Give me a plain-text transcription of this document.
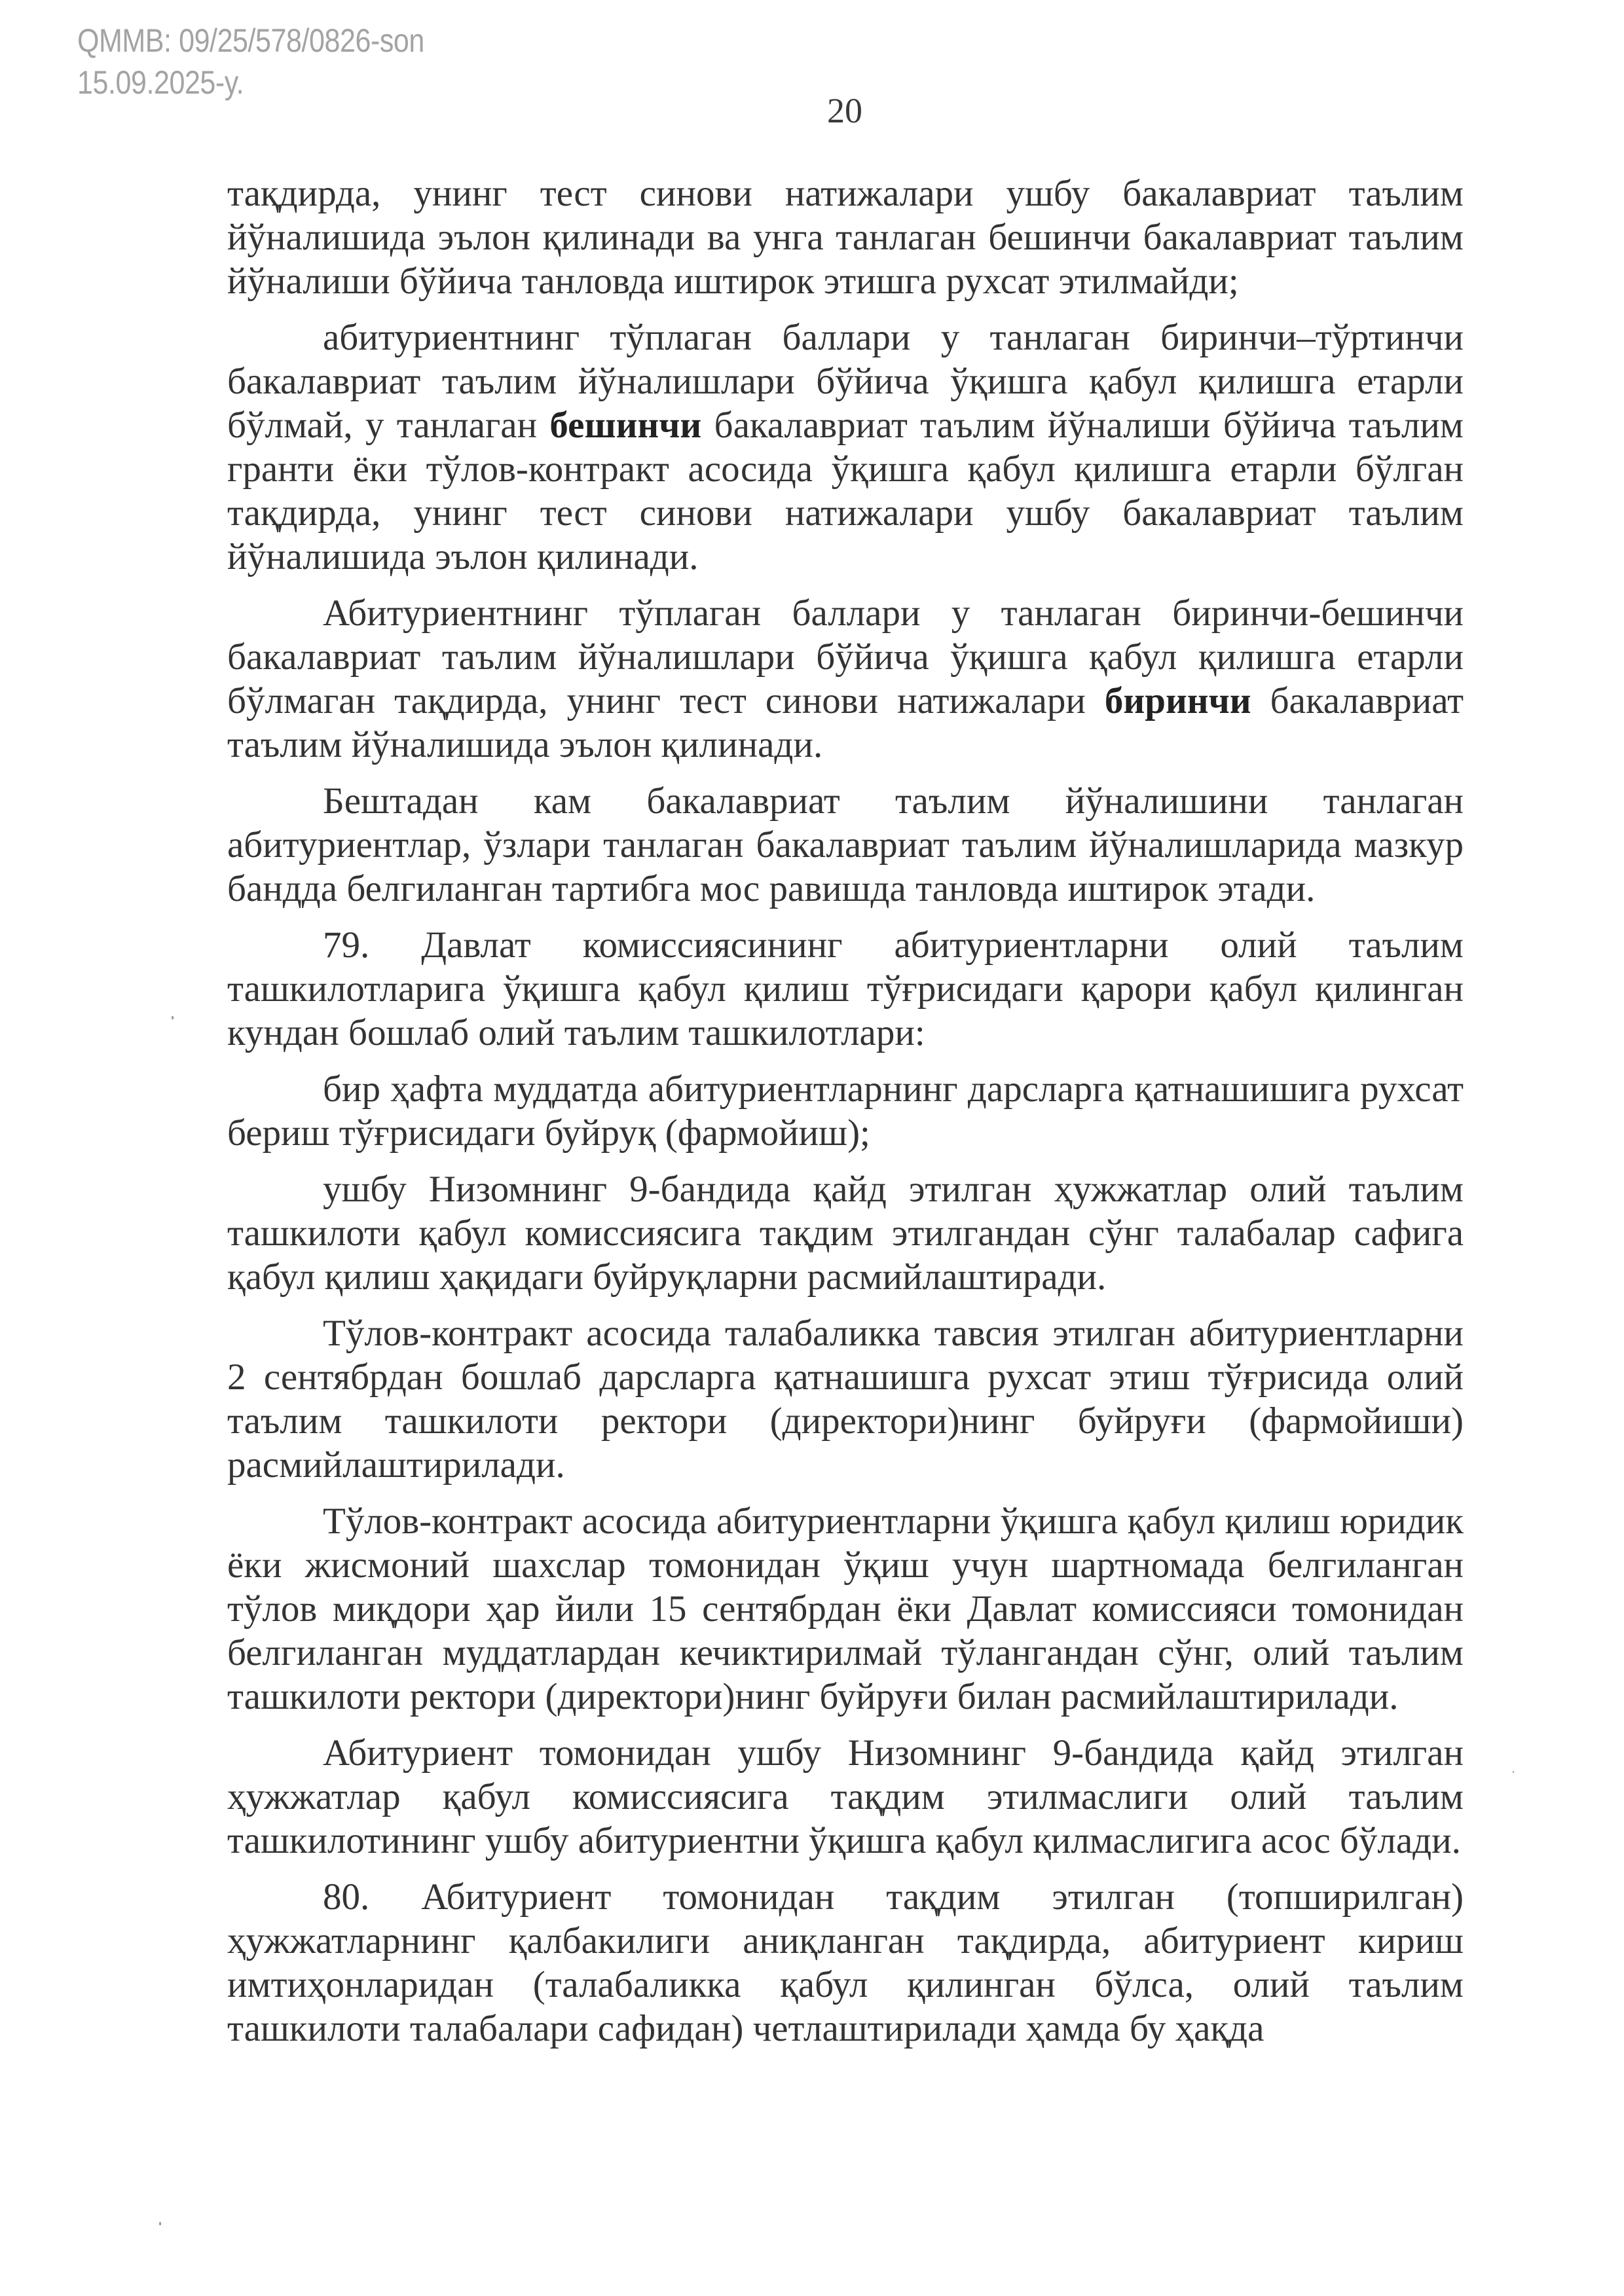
QMMB: 09/25/578/0826-son
15.09.2025-y.
20

тақдирда, унинг тест синови натижалари ушбу бакалавриат таълим йўналишида эълон қилинади ва унга танлаган бешинчи бакалавриат таълим йўналиши бўйича танловда иштирок этишга рухсат этилмайди;

абитуриентнинг тўплаган баллари у танлаган биринчи–тўртинчи бакалавриат таълим йўналишлари бўйича ўқишга қабул қилишга етарли бўлмай, у танлаган бешинчи бакалавриат таълим йўналиши бўйича таълим гранти ёки тўлов-контракт асосида ўқишга қабул қилишга етарли бўлган тақдирда, унинг тест синови натижалари ушбу бакалавриат таълим йўналишида эълон қилинади.

Абитуриентнинг тўплаган баллари у танлаган биринчи-бешинчи бакалавриат таълим йўналишлари бўйича ўқишга қабул қилишга етарли бўлмаган тақдирда, унинг тест синови натижалари биринчи бакалавриат таълим йўналишида эълон қилинади.

Бештадан кам бакалавриат таълим йўналишини танлаган абитуриентлар, ўзлари танлаган бакалавриат таълим йўналишларида мазкур бандда белгиланган тартибга мос равишда танловда иштирок этади.

79. Давлат комиссиясининг абитуриентларни олий таълим ташкилотларига ўқишга қабул қилиш тўғрисидаги қарори қабул қилинган кундан бошлаб олий таълим ташкилотлари:

бир ҳафта муддатда абитуриентларнинг дарсларга қатнашишига рухсат бериш тўғрисидаги буйруқ (фармойиш);

ушбу Низомнинг 9-бандида қайд этилган ҳужжатлар олий таълим ташкилоти қабул комиссиясига тақдим этилгандан сўнг талабалар сафига қабул қилиш ҳақидаги буйруқларни расмийлаштиради.

Тўлов-контракт асосида талабаликка тавсия этилган абитуриентларни 2 сентябрдан бошлаб дарсларга қатнашишга рухсат этиш тўғрисида олий таълим ташкилоти ректори (директори)нинг буйруғи (фармойиши) расмийлаштирилади.

Тўлов-контракт асосида абитуриентларни ўқишга қабул қилиш юридик ёки жисмоний шахслар томонидан ўқиш учун шартномада белгиланган тўлов миқдори ҳар йили 15 сентябрдан ёки Давлат комиссияси томонидан белгиланган муддатлардан кечиктирилмай тўлангандан сўнг, олий таълим ташкилоти ректори (директори)нинг буйруғи билан расмийлаштирилади.

Абитуриент томонидан ушбу Низомнинг 9-бандида қайд этилган ҳужжатлар қабул комиссиясига тақдим этилмаслиги олий таълим ташкилотининг ушбу абитуриентни ўқишга қабул қилмаслигига асос бўлади.

80. Абитуриент томонидан тақдим этилган (топширилган) ҳужжатларнинг қалбакилиги аниқланган тақдирда, абитуриент кириш имтиҳонларидан (талабаликка қабул қилинган бўлса, олий таълим ташкилоти талабалари сафидан) четлаштирилади ҳамда бу ҳақда
